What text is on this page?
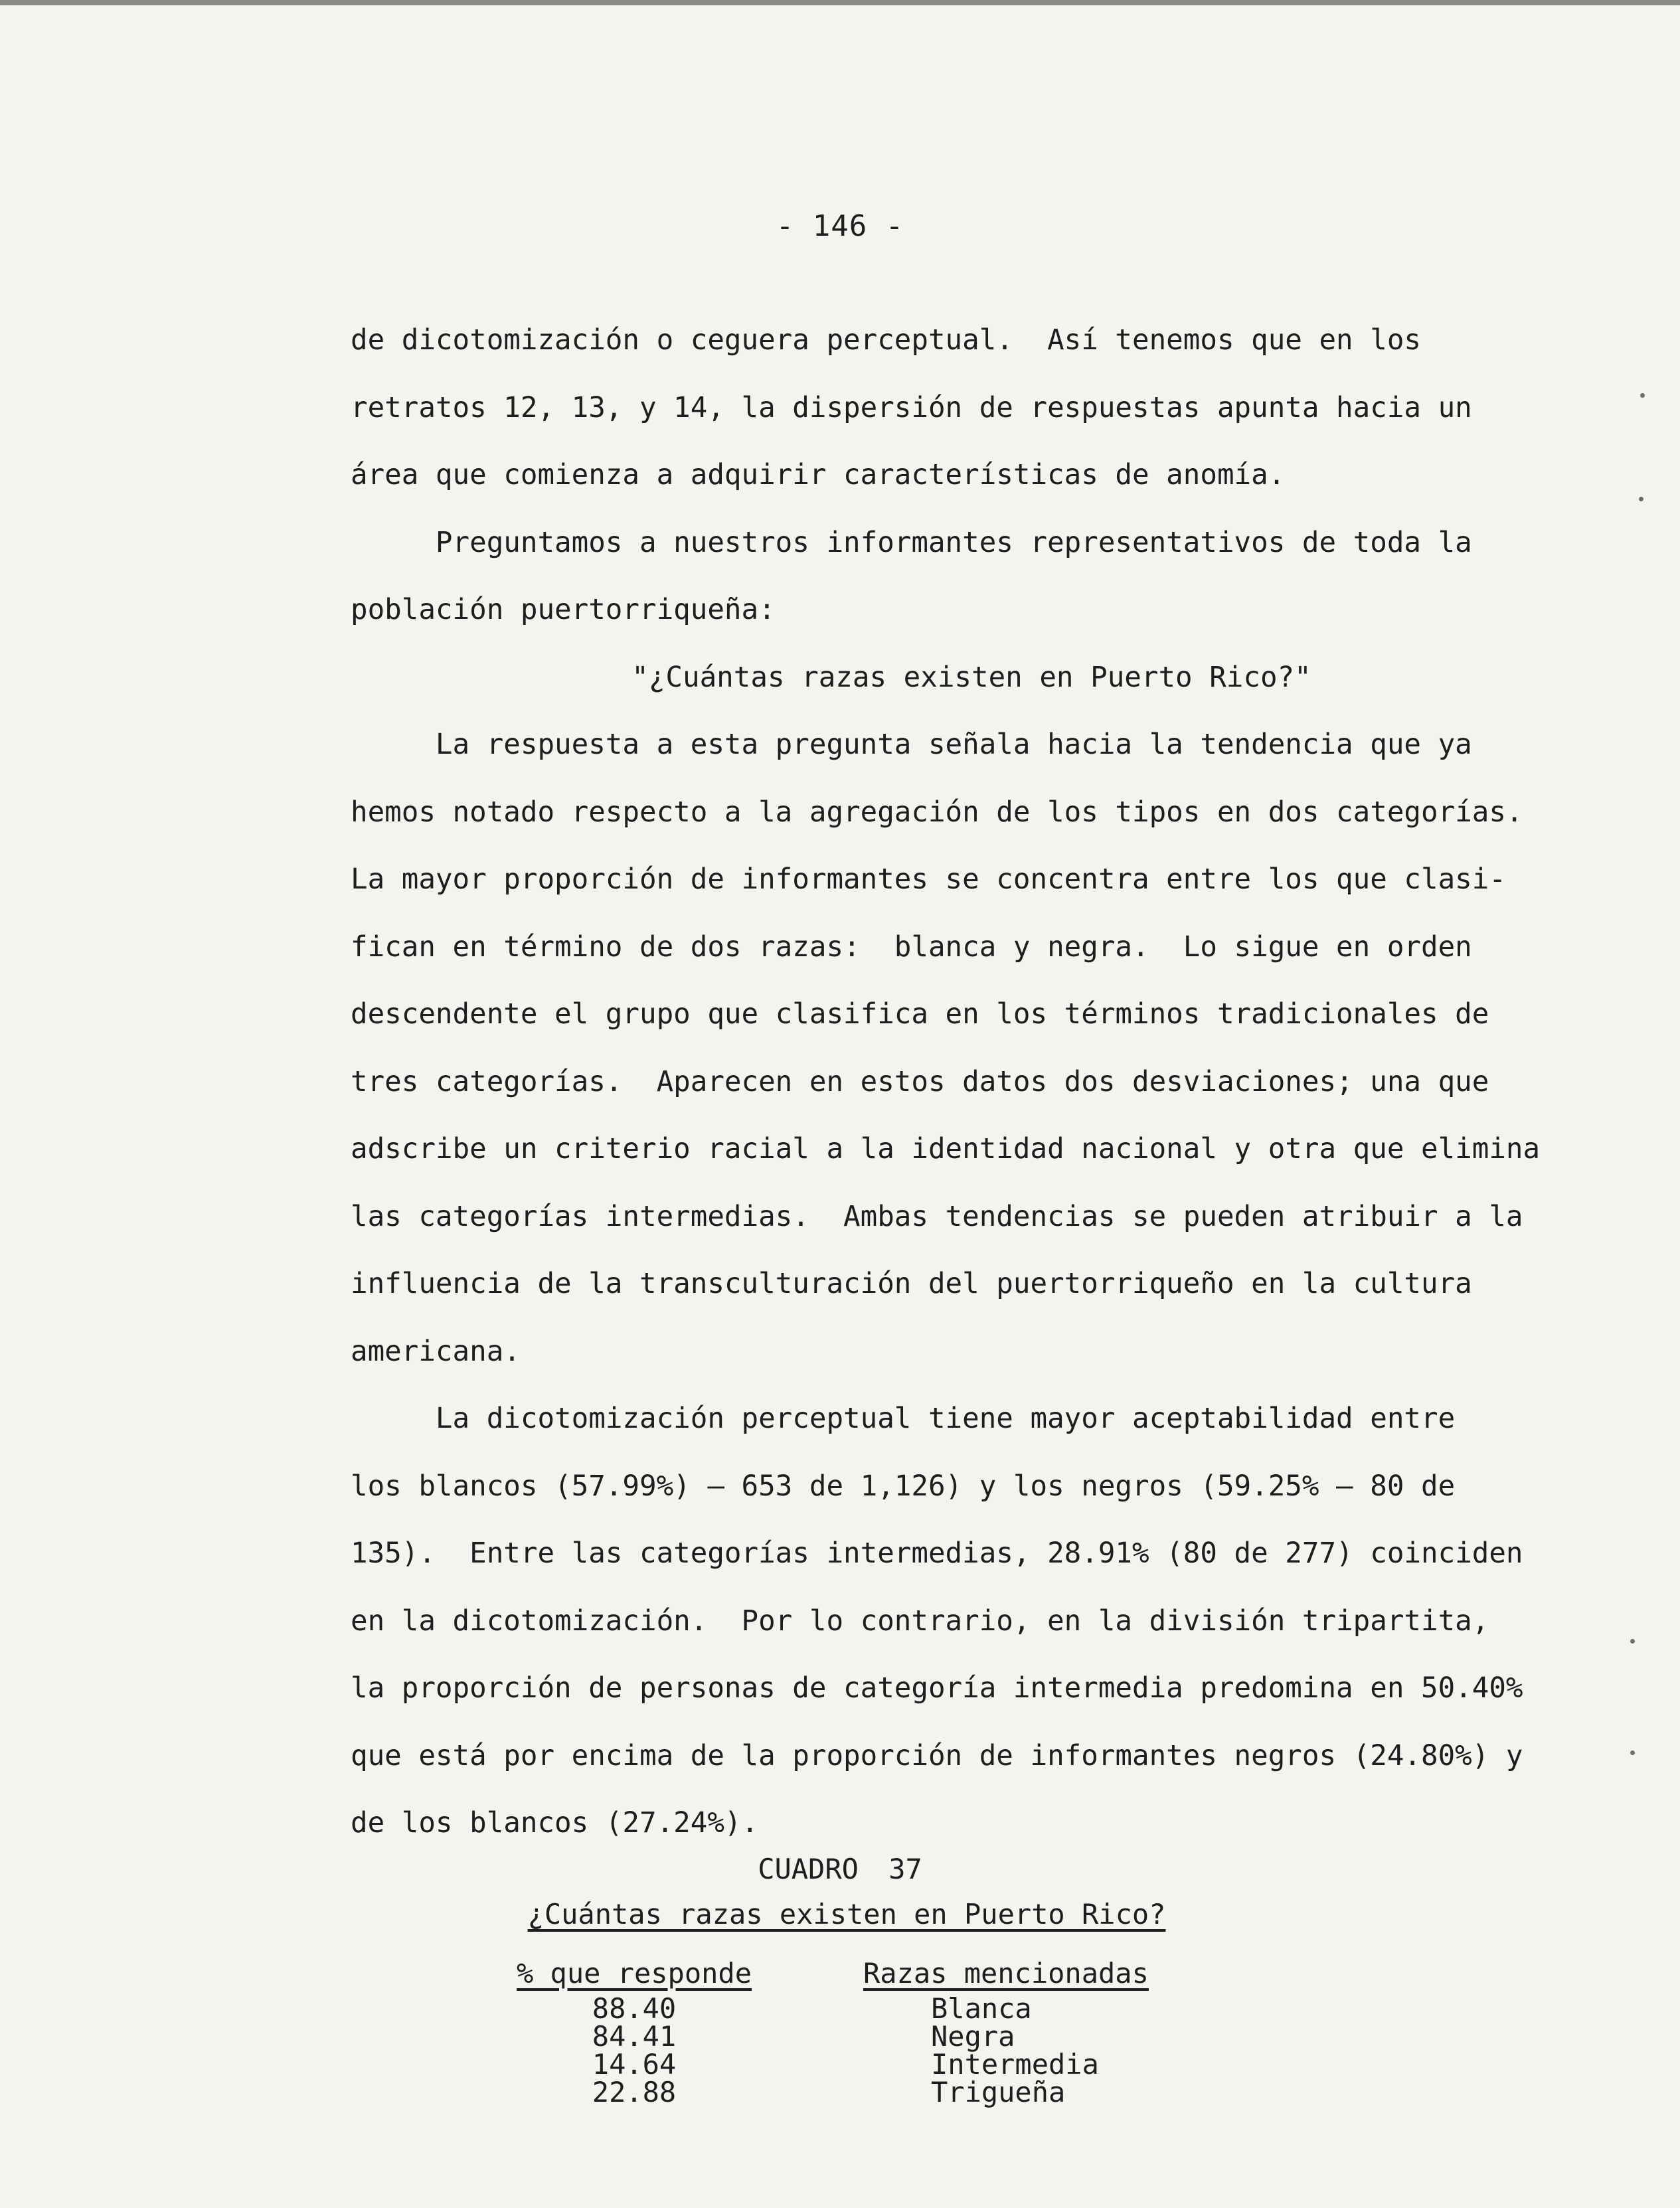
- 146 -
de dicotomización o ceguera perceptual.  Así tenemos que en los
retratos 12, 13, y 14, la dispersión de respuestas apunta hacia un
área que comienza a adquirir características de anomía.
Preguntamos a nuestros informantes representativos de toda la
población puertorriqueña:
"¿Cuántas razas existen en Puerto Rico?"
La respuesta a esta pregunta señala hacia la tendencia que ya
hemos notado respecto a la agregación de los tipos en dos categorías.
La mayor proporción de informantes se concentra entre los que clasi-
fican en término de dos razas:  blanca y negra.  Lo sigue en orden
descendente el grupo que clasifica en los términos tradicionales de
tres categorías.  Aparecen en estos datos dos desviaciones; una que
adscribe un criterio racial a la identidad nacional y otra que elimina
las categorías intermedias.  Ambas tendencias se pueden atribuir a la
influencia de la transculturación del puertorriqueño en la cultura
americana.
La dicotomización perceptual tiene mayor aceptabilidad entre
los blancos (57.99%) — 653 de 1,126) y los negros (59.25% — 80 de
135).  Entre las categorías intermedias, 28.91% (80 de 277) coinciden
en la dicotomización.  Por lo contrario, en la división tripartita,
la proporción de personas de categoría intermedia predomina en 50.40%
que está por encima de la proporción de informantes negros (24.80%) y
de los blancos (27.24%).
CUADRO 37
¿Cuántas razas existen en Puerto Rico?
% que responde
88.40
84.41
14.64
22.88
Razas mencionadas
Blanca
Negra
Intermedia
Trigueña
